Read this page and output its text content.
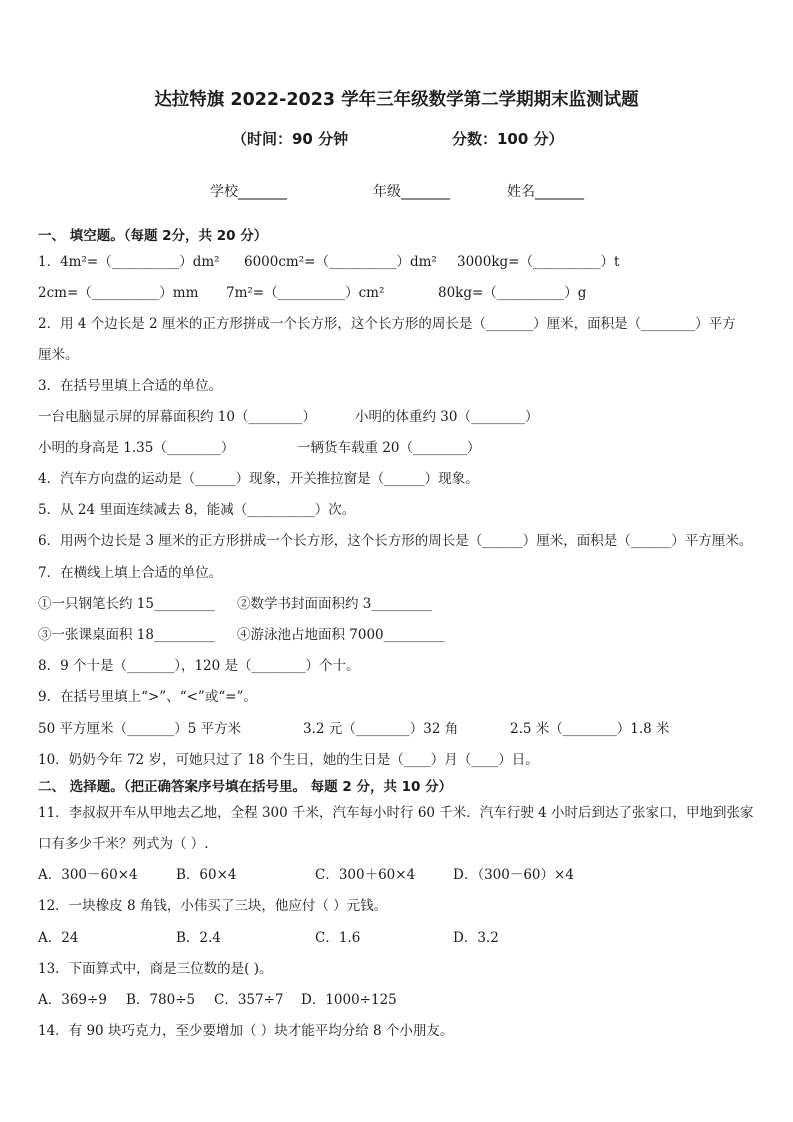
达拉特旗 2022-2023 学年三年级数学第二学期期末监测试题
（时间：90 分钟	分数：100 分）
学校_______	年级_______	姓名_______
一、 填空题。（每题 2分，共 20 分）
1．4m²=（__________）dm² 6000cm²=（__________）dm² 3000kg=（__________）t
2cm=（__________）mm 7m²=（__________）cm²	80kg=（__________）g
2．用 4 个边长是 2 厘米的正方形拼成一个长方形，这个长方形的周长是（_______）厘米，面积是（________）平方
厘米。
3．在括号里填上合适的单位。
一台电脑显示屏的屏幕面积约 10（________）	小明的体重约 30（________）
小明的身高是 1.35（________）	一辆货车载重 20（________）
4．汽车方向盘的运动是（______）现象，开关推拉窗是（______）现象。
5．从 24 里面连续减去 8，能减（__________）次。
6．用两个边长是 3 厘米的正方形拼成一个长方形，这个长方形的周长是（______）厘米，面积是（______）平方厘米。
7．在横线上填上合适的单位。
①一只钢笔长约 15_________ ②数学书封面面积约 3_________
③一张课桌面积 18_________ ④游泳池占地面积 7000_________
8．9 个十是（_______），120 是（________）个十。
9．在括号里填上“>”、“<”或“=”。
50 平方厘米（_______）5 平方米	3.2 元（________）32 角	2.5 米（________）1.8 米
10．奶奶今年 72 岁，可她只过了 18 个生日，她的生日是（____）月（____）日。
二、 选择题。（把正确答案序号填在括号里。 每题 2 分，共 10 分）
11．李叔叔开车从甲地去乙地，全程 300 千米，汽车每小时行 60 千米．汽车行驶 4 小时后到达了张家口，甲地到张家
口有多少千米？列式为（ ）.
A．300－60×4	B．60×4	C．300＋60×4	D．（300－60）×4
12．一块橡皮 8 角钱，小伟买了三块，他应付（ ）元钱。
A．24	B．2.4	C．1.6	D．3.2
13．下面算式中，商是三位数的是( )。
A．369÷9 B．780÷5 C．357÷7 D．1000÷125
14．有 90 块巧克力，至少要增加（ ）块才能平均分给 8 个小朋友。
